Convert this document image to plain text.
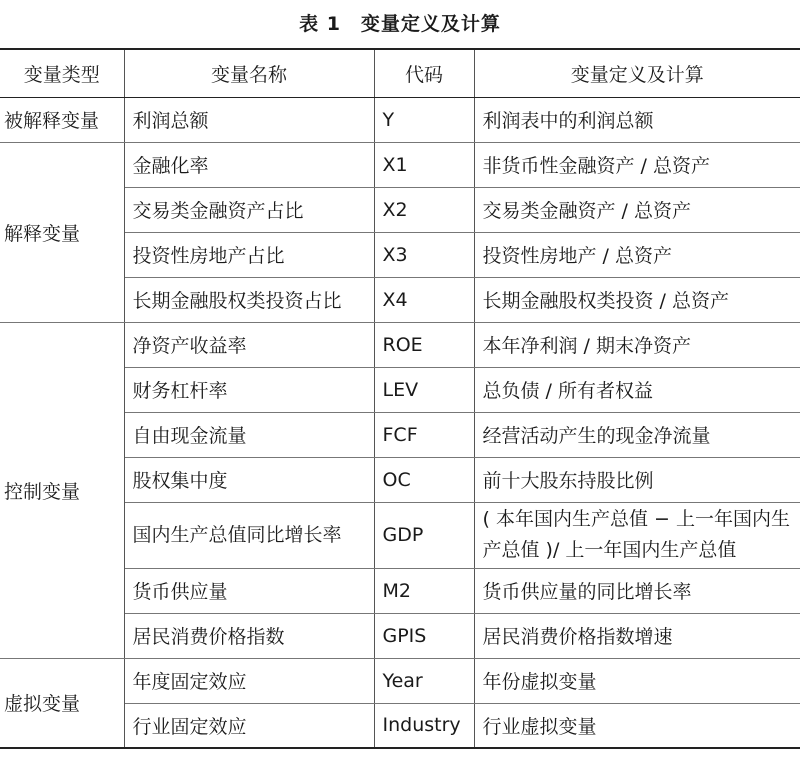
表 1　变量定义及计算
变量类型	变量名称	代码	变量定义及计算
被解释变量	利润总额	Y	利润表中的利润总额
解释变量	金融化率	X1	非货币性金融资产 / 总资产
	交易类金融资产占比	X2	交易类金融资产 / 总资产
	投资性房地产占比	X3	投资性房地产 / 总资产
	长期金融股权类投资占比	X4	长期金融股权类投资 / 总资产
控制变量	净资产收益率	ROE	本年净利润 / 期末净资产
	财务杠杆率	LEV	总负债 / 所有者权益
	自由现金流量	FCF	经营活动产生的现金净流量
	股权集中度	OC	前十大股东持股比例
	国内生产总值同比增长率	GDP	( 本年国内生产总值 − 上一年国内生产总值 )/ 上一年国内生产总值
	货币供应量	M2	货币供应量的同比增长率
	居民消费价格指数	GPIS	居民消费价格指数增速
虚拟变量	年度固定效应	Year	年份虚拟变量
	行业固定效应	Industry	行业虚拟变量
